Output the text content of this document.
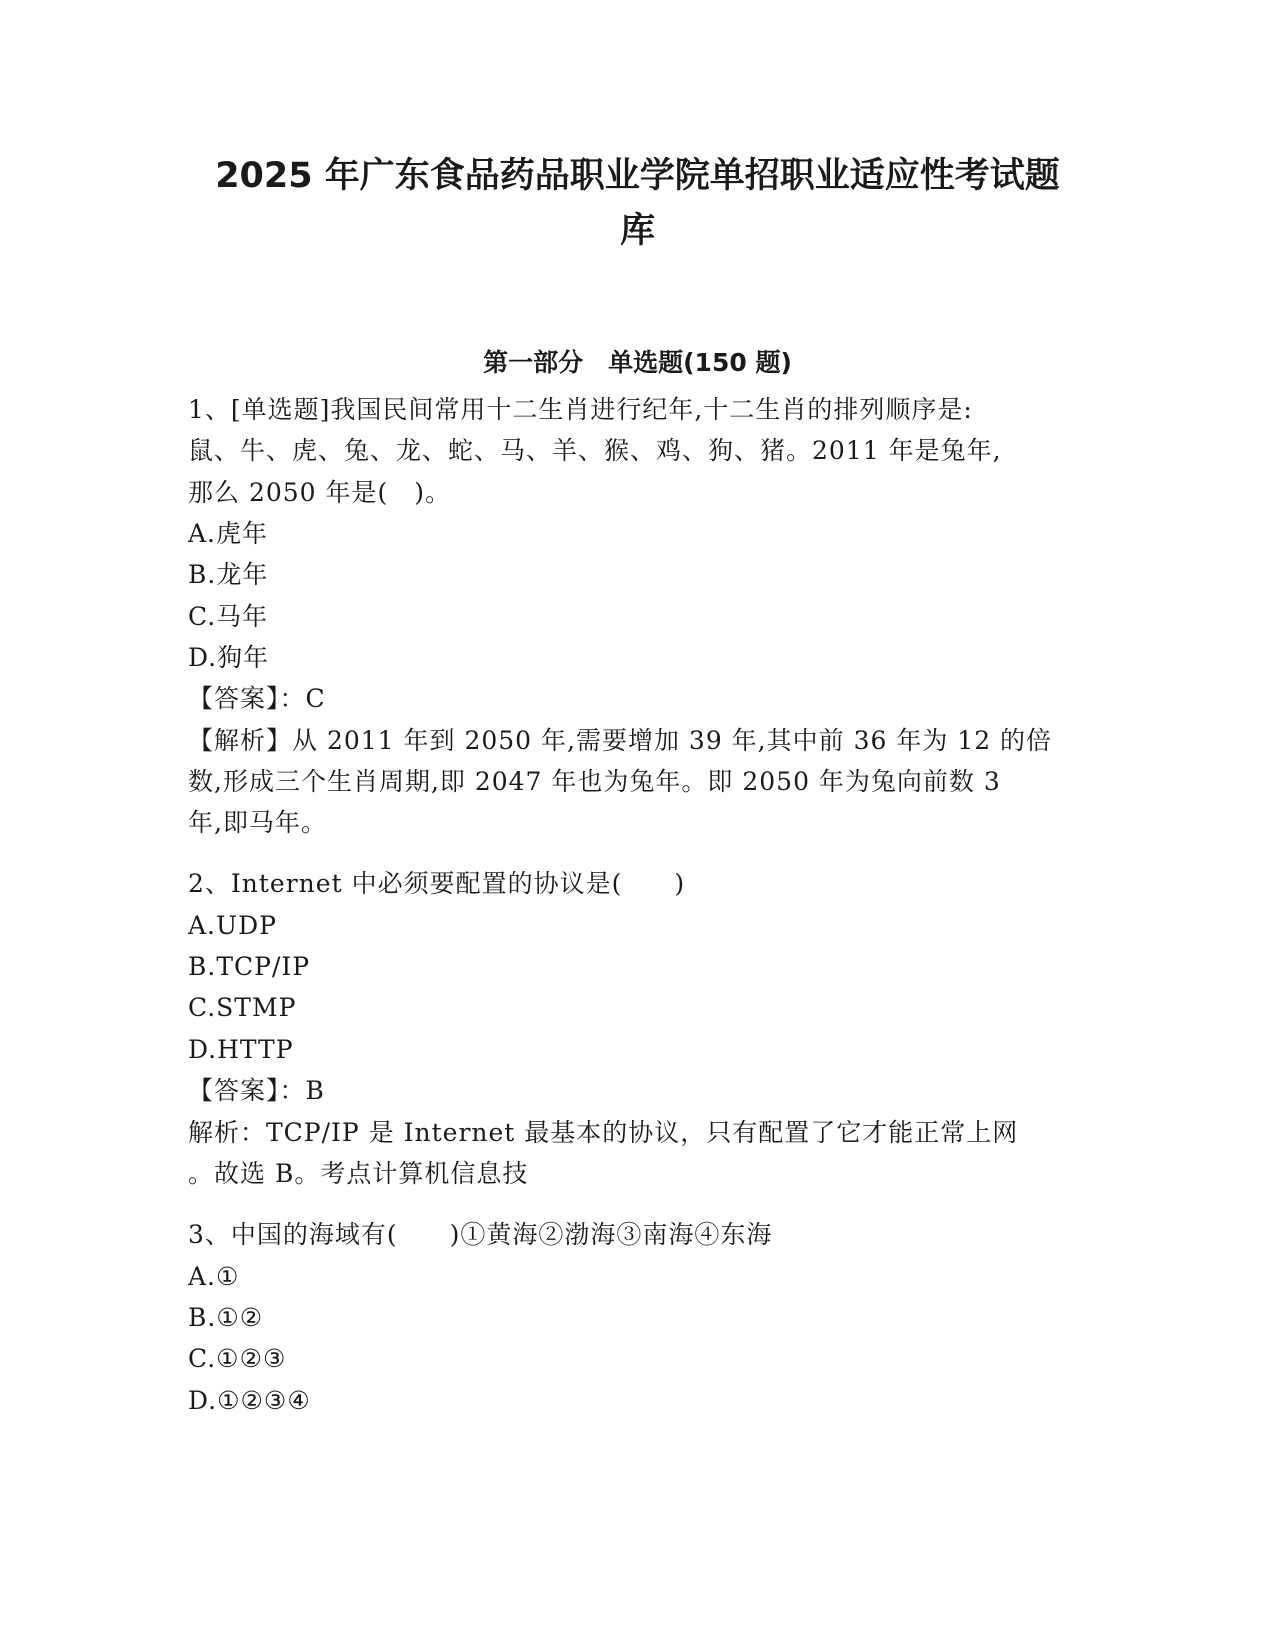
2025 年广东食品药品职业学院单招职业适应性考试题
库
第一部分　单选题(150 题)
1、[单选题]我国民间常用十二生肖进行纪年,十二生肖的排列顺序是:
鼠、牛、虎、兔、龙、蛇、马、羊、猴、鸡、狗、猪。2011 年是兔年,
那么 2050 年是(　)。
A.虎年
B.龙年
C.马年
D.狗年
【答案】：C
【解析】从 2011 年到 2050 年,需要增加 39 年,其中前 36 年为 12 的倍
数,形成三个生肖周期,即 2047 年也为兔年。即 2050 年为兔向前数 3
年,即马年。
2、Internet 中必须要配置的协议是(　　)
A.UDP
B.TCP/IP
C.STMP
D.HTTP
【答案】：B
解析：TCP/IP 是 Internet 最基本的协议，只有配置了它才能正常上网
。故选 B。考点计算机信息技
3、中国的海域有(　　)①黄海②渤海③南海④东海
A.①
B.①②
C.①②③
D.①②③④
